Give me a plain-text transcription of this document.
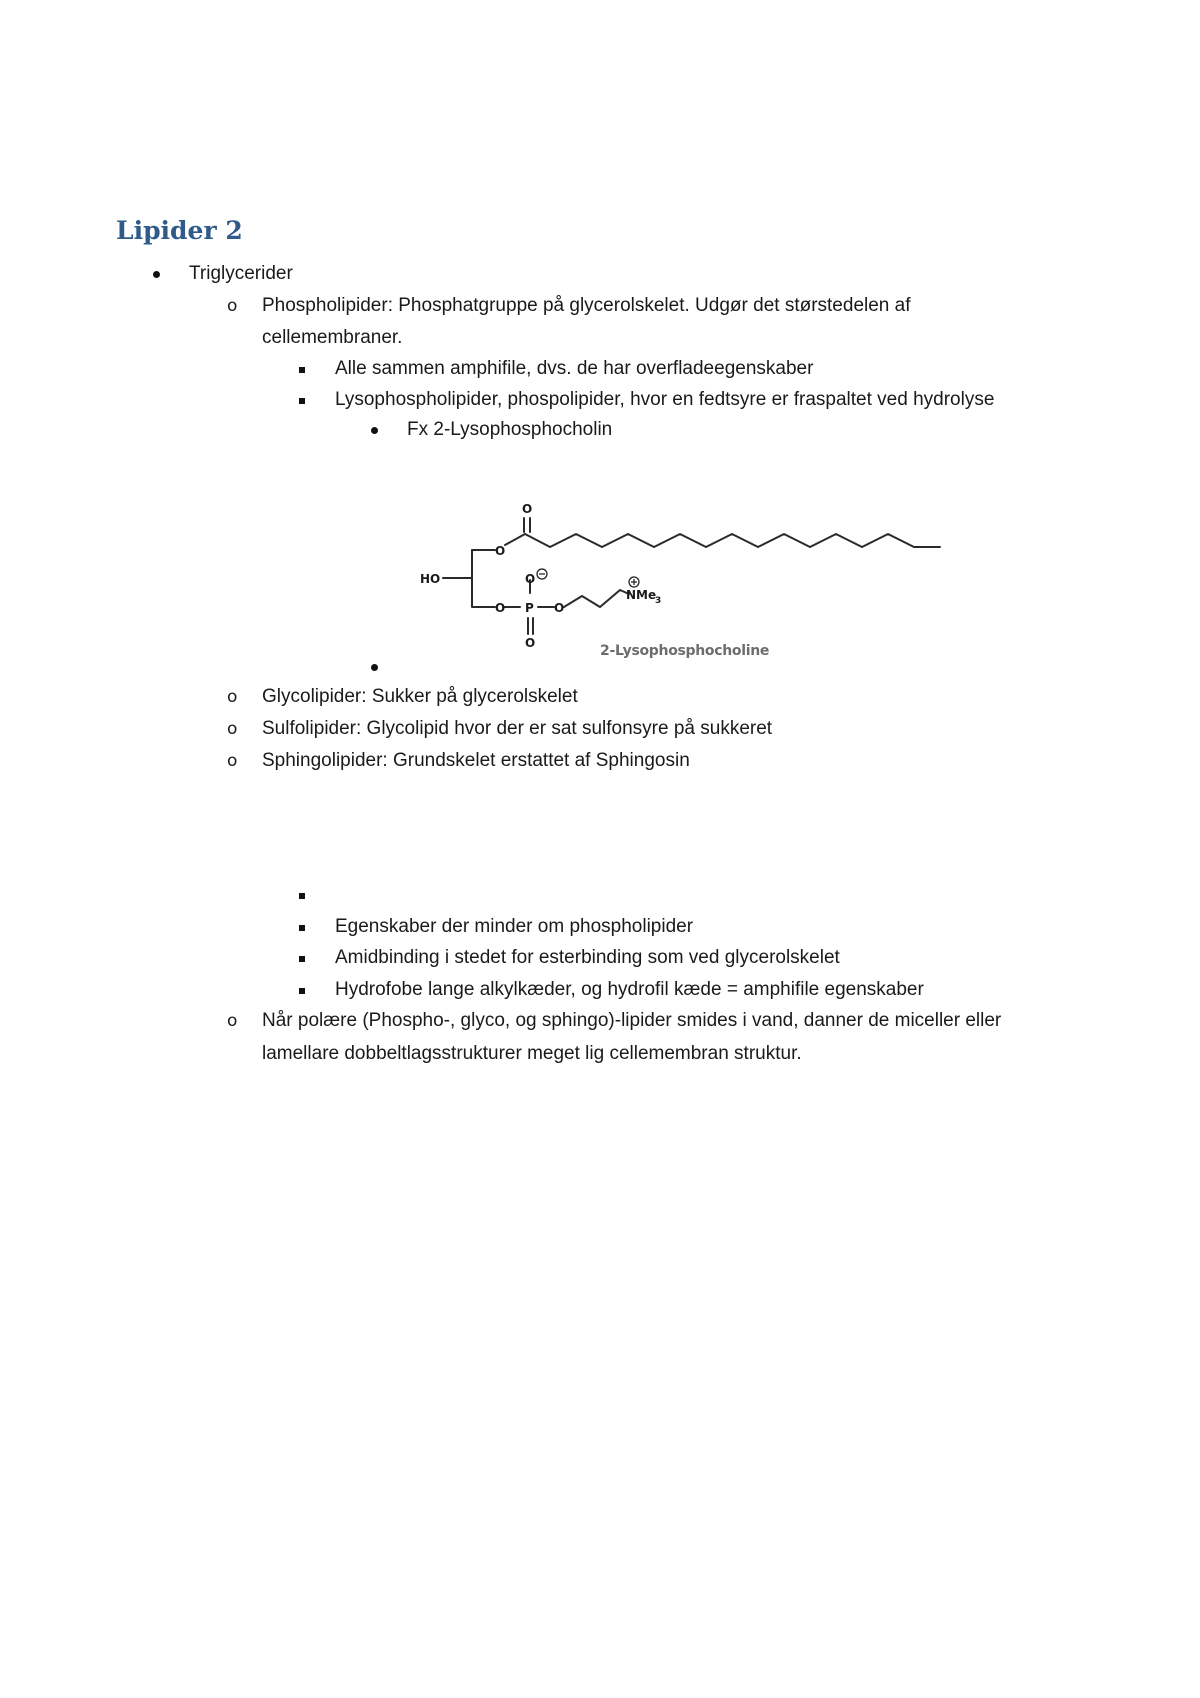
Lipider 2
Triglycerider
o Phospholipider: Phosphatgruppe på glycerolskelet. Udgør det størstedelen af
cellemembraner.
Alle sammen amphifile, dvs. de har overfladeegenskaber
Lysophospholipider, phospolipider, hvor en fedtsyre er fraspaltet ved hydrolyse
Fx 2-Lysophosphocholin
O
O
HO	O
O P O
O
NMe
3
2-Lysophosphocholine
o Glycolipider: Sukker på glycerolskelet
o Sulfolipider: Glycolipid hvor der er sat sulfonsyre på sukkeret
o Sphingolipider: Grundskelet erstattet af Sphingosin
Egenskaber der minder om phospholipider
Amidbinding i stedet for esterbinding som ved glycerolskelet
Hydrofobe lange alkylkæder, og hydrofil kæde = amphifile egenskaber
o Når polære (Phospho-, glyco, og sphingo)-lipider smides i vand, danner de miceller eller
lamellare dobbeltlagsstrukturer meget lig cellemembran struktur.
